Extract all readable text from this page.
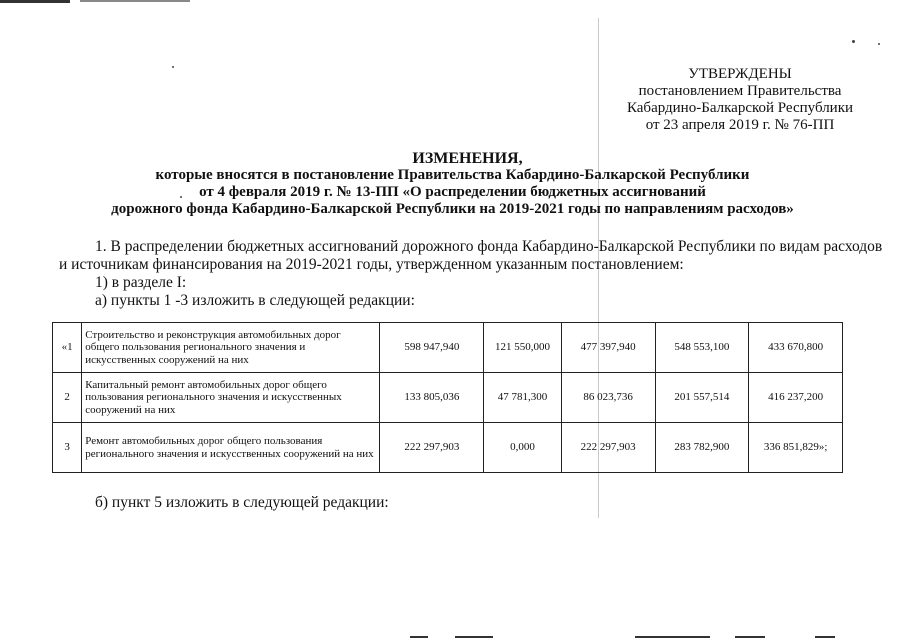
УТВЕРЖДЕНЫ
постановлением Правительства
Кабардино-Балкарской Республики
от 23 апреля 2019 г. № 76-ПП
ИЗМЕНЕНИЯ,
которые вносятся в постановление Правительства Кабардино-Балкарской Республики
от 4 февраля 2019 г. № 13-ПП «О распределении бюджетных ассигнований
дорожного фонда Кабардино-Балкарской Республики на 2019-2021 годы по направлениям расходов»
1. В распределении бюджетных ассигнований дорожного фонда Кабардино-Балкарской Республики по видам расходов
и источникам финансирования на 2019-2021 годы, утвержденном указанным постановлением:
1) в разделе I:
а) пункты 1 -3 изложить в следующей редакции:
«1	Строительство и реконструкция автомобильных дорог общего пользования регионального значения и искусственных сооружений на них	598 947,940	121 550,000	477 397,940	548 553,100	433 670,800
2	Капитальный ремонт автомобильных дорог общего пользования регионального значения и искусственных сооружений на них	133 805,036	47 781,300	86 023,736	201 557,514	416 237,200
3	Ремонт автомобильных дорог общего пользования регионального значения и искусственных сооружений на них	222 297,903	0,000	222 297,903	283 782,900	336 851,829»;
б) пункт 5 изложить в следующей редакции:
